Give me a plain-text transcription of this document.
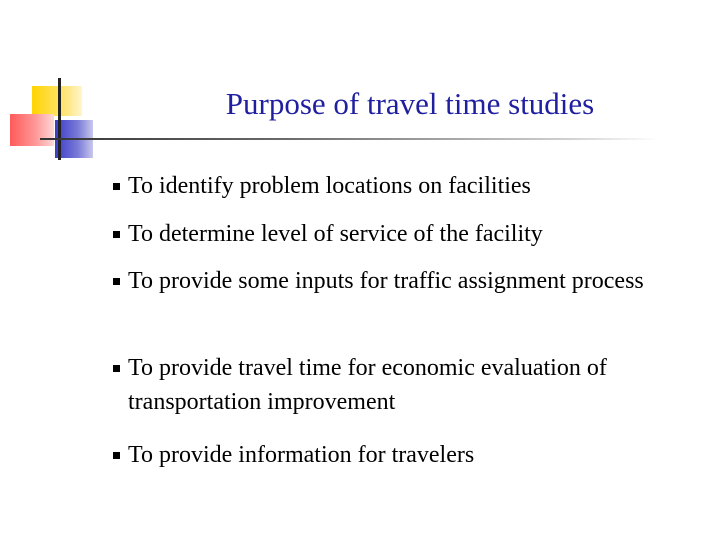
Purpose of travel time studies
To identify problem locations on facilities
To determine level of service of the facility
To provide some inputs for traffic assignment process
To provide travel time for economic evaluation of transportation improvement
To provide information for travelers
